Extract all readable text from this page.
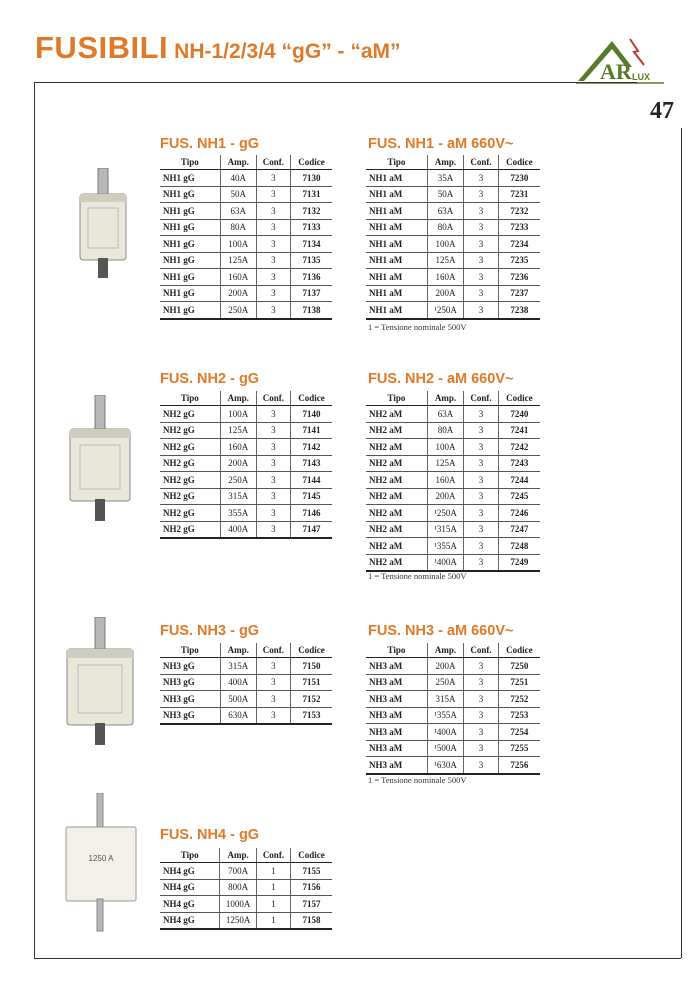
FUSIBILI NH-1/2/3/4 “gG” - “aM”
AR LUX
47
1250 A
FUS. NH1 - gG
Tipo	Amp.	Conf.	Codice
NH1 gG	40A	3	7130
NH1 gG	50A	3	7131
NH1 gG	63A	3	7132
NH1 gG	80A	3	7133
NH1 gG	100A	3	7134
NH1 gG	125A	3	7135
NH1 gG	160A	3	7136
NH1 gG	200A	3	7137
NH1 gG	250A	3	7138
FUS. NH1 - aM 660V~
Tipo	Amp.	Conf.	Codice
NH1 aM	35A	3	7230
NH1 aM	50A	3	7231
NH1 aM	63A	3	7232
NH1 aM	80A	3	7233
NH1 aM	100A	3	7234
NH1 aM	125A	3	7235
NH1 aM	160A	3	7236
NH1 aM	200A	3	7237
NH1 aM	¹250A	3	7238
1 = Tensione nominale 500V
FUS. NH2 - gG
Tipo	Amp.	Conf.	Codice
NH2 gG	100A	3	7140
NH2 gG	125A	3	7141
NH2 gG	160A	3	7142
NH2 gG	200A	3	7143
NH2 gG	250A	3	7144
NH2 gG	315A	3	7145
NH2 gG	355A	3	7146
NH2 gG	400A	3	7147
FUS. NH2 - aM 660V~
Tipo	Amp.	Conf.	Codice
NH2 aM	63A	3	7240
NH2 aM	80A	3	7241
NH2 aM	100A	3	7242
NH2 aM	125A	3	7243
NH2 aM	160A	3	7244
NH2 aM	200A	3	7245
NH2 aM	¹250A	3	7246
NH2 aM	¹315A	3	7247
NH2 aM	¹355A	3	7248
NH2 aM	¹400A	3	7249
1 = Tensione nominale 500V
FUS. NH3 - gG
Tipo	Amp.	Conf.	Codice
NH3 gG	315A	3	7150
NH3 gG	400A	3	7151
NH3 gG	500A	3	7152
NH3 gG	630A	3	7153
FUS. NH3 - aM 660V~
Tipo	Amp.	Conf.	Codice
NH3 aM	200A	3	7250
NH3 aM	250A	3	7251
NH3 aM	315A	3	7252
NH3 aM	¹355A	3	7253
NH3 aM	¹400A	3	7254
NH3 aM	¹500A	3	7255
NH3 aM	¹630A	3	7256
1 = Tensione nominale 500V
FUS. NH4 - gG
Tipo	Amp.	Conf.	Codice
NH4 gG	700A	1	7155
NH4 gG	800A	1	7156
NH4 gG	1000A	1	7157
NH4 gG	1250A	1	7158
